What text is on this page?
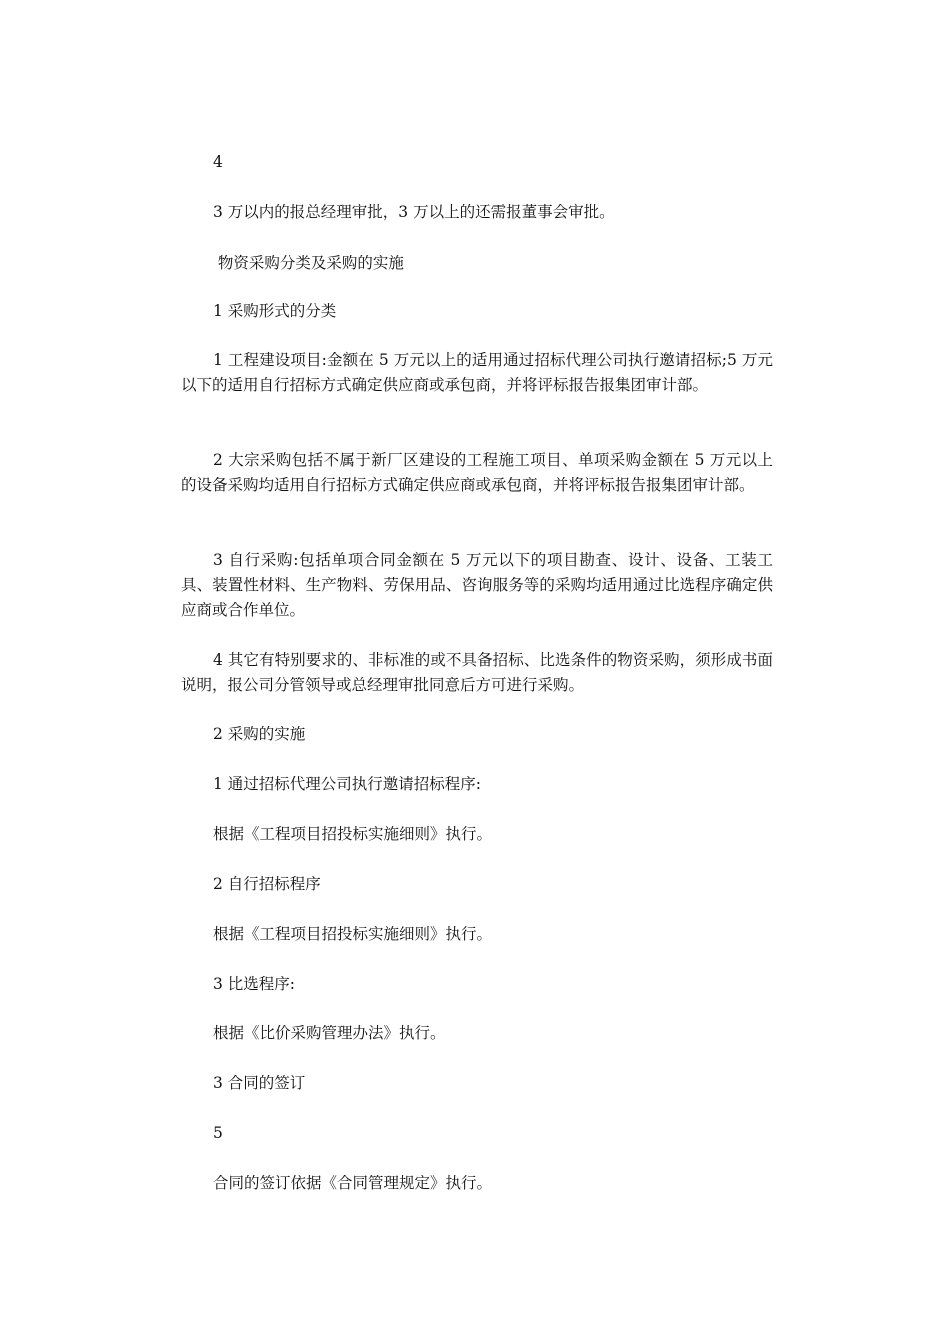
4

3 万以内的报总经理审批，3 万以上的还需报董事会审批。

物资采购分类及采购的实施

1 采购形式的分类

1 工程建设项目:金额在 5 万元以上的适用通过招标代理公司执行邀请招标;5 万元以下的适用自行招标方式确定供应商或承包商，并将评标报告报集团审计部。

2 大宗采购包括不属于新厂区建设的工程施工项目、单项采购金额在 5 万元以上的设备采购均适用自行招标方式确定供应商或承包商，并将评标报告报集团审计部。

3 自行采购:包括单项合同金额在 5 万元以下的项目勘查、设计、设备、工装工具、装置性材料、生产物料、劳保用品、咨询服务等的采购均适用通过比选程序确定供应商或合作单位。

4 其它有特别要求的、非标准的或不具备招标、比选条件的物资采购，须形成书面说明，报公司分管领导或总经理审批同意后方可进行采购。

2 采购的实施

1 通过招标代理公司执行邀请招标程序:

根据《工程项目招投标实施细则》执行。

2 自行招标程序

根据《工程项目招投标实施细则》执行。

3 比选程序:

根据《比价采购管理办法》执行。

3 合同的签订

5

合同的签订依据《合同管理规定》执行。
